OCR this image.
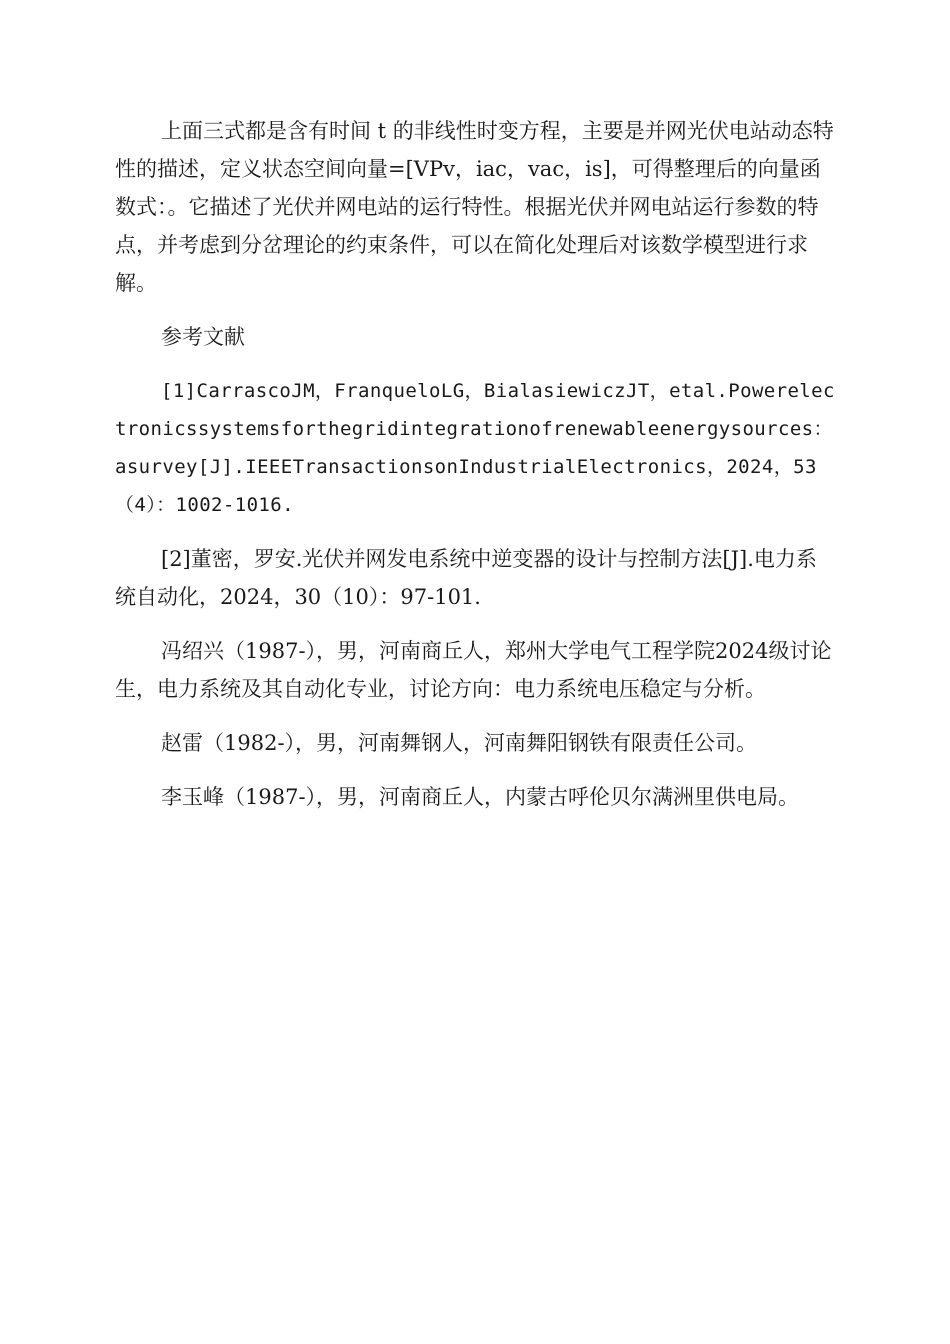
上面三式都是含有时间 t 的非线性时变方程，主要是并网光伏电站动态特性的描述，定义状态空间向量=[VPv，iac，vac，is]，可得整理后的向量函数式：。它描述了光伏并网电站的运行特性。根据光伏并网电站运行参数的特点，并考虑到分岔理论的约束条件，可以在简化处理后对该数学模型进行求解。

参考文献

[1]CarrascoJM，FranqueloLG，BialasiewiczJT，etal.Powerelectronicssystemsforthegridintegrationofrenewableenergysources：asurvey[J].IEEETransactionsonIndustrialElectronics，2024，53（4）：1002-1016.

[2]董密，罗安.光伏并网发电系统中逆变器的设计与控制方法[J].电力系统自动化，2024，30（10）：97-101.

冯绍兴（1987-），男，河南商丘人，郑州大学电气工程学院2024级讨论生，电力系统及其自动化专业，讨论方向：电力系统电压稳定与分析。

赵雷（1982-），男，河南舞钢人，河南舞阳钢铁有限责任公司。

李玉峰（1987-），男，河南商丘人，内蒙古呼伦贝尔满洲里供电局。
